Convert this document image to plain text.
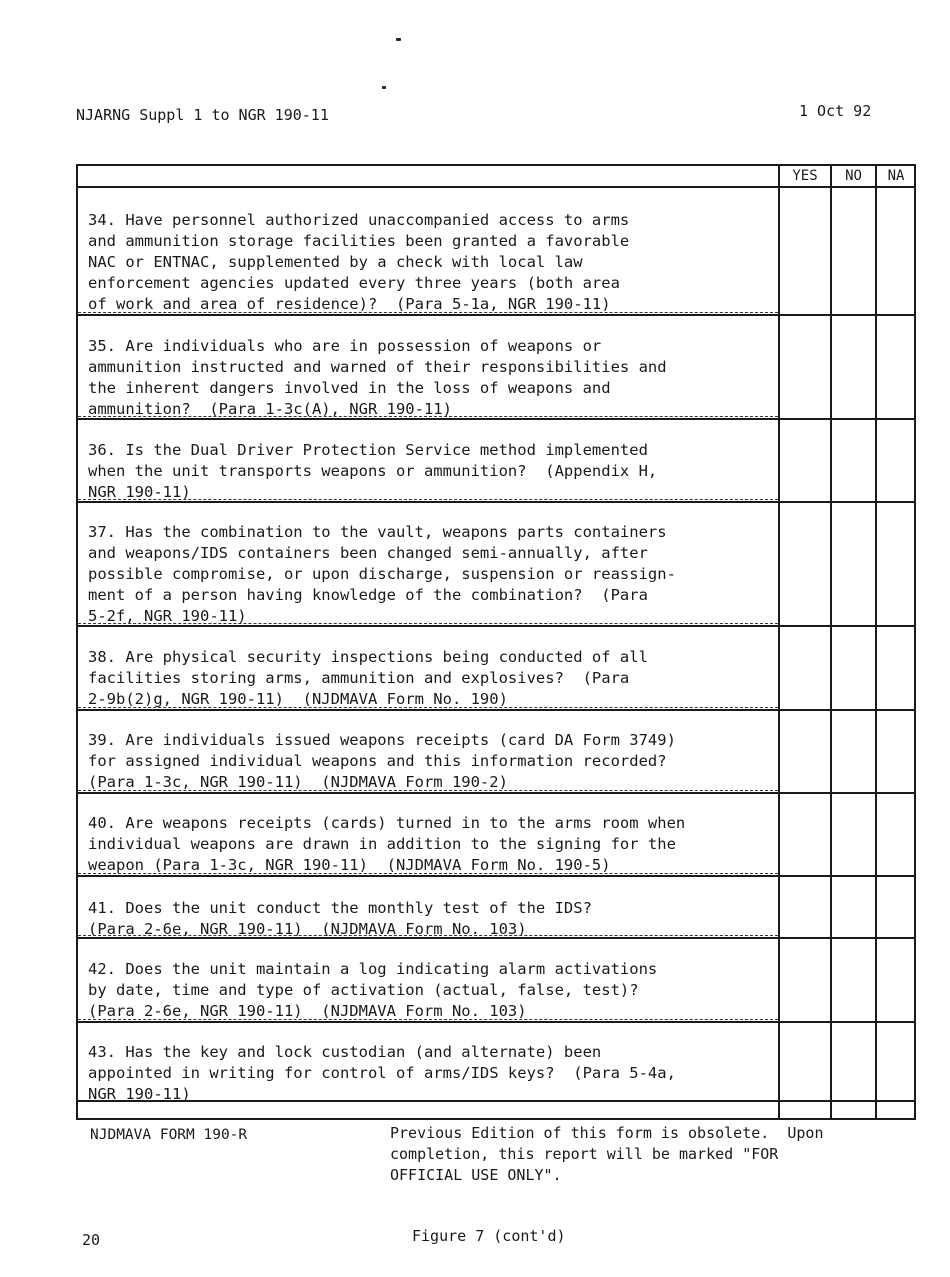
NJARNG Suppl 1 to NGR 190-11	1 Oct 92
YES	NO	NA
34. Have personnel authorized unaccompanied access to arms
and ammunition storage facilities been granted a favorable
NAC or ENTNAC, supplemented by a check with local law
enforcement agencies updated every three years (both area
of work and area of residence)?  (Para 5-1a, NGR 190-11)
35. Are individuals who are in possession of weapons or
ammunition instructed and warned of their responsibilities and
the inherent dangers involved in the loss of weapons and
ammunition?  (Para 1-3c(A), NGR 190-11)
36. Is the Dual Driver Protection Service method implemented
when the unit transports weapons or ammunition?  (Appendix H,
NGR 190-11)
37. Has the combination to the vault, weapons parts containers
and weapons/IDS containers been changed semi-annually, after
possible compromise, or upon discharge, suspension or reassign-
ment of a person having knowledge of the combination?  (Para
5-2f, NGR 190-11)
38. Are physical security inspections being conducted of all
facilities storing arms, ammunition and explosives?  (Para
2-9b(2)g, NGR 190-11)  (NJDMAVA Form No. 190)
39. Are individuals issued weapons receipts (card DA Form 3749)
for assigned individual weapons and this information recorded?
(Para 1-3c, NGR 190-11)  (NJDMAVA Form 190-2)
40. Are weapons receipts (cards) turned in to the arms room when
individual weapons are drawn in addition to the signing for the
weapon (Para 1-3c, NGR 190-11)  (NJDMAVA Form No. 190-5)
41. Does the unit conduct the monthly test of the IDS?
(Para 2-6e, NGR 190-11)  (NJDMAVA Form No. 103)
42. Does the unit maintain a log indicating alarm activations
by date, time and type of activation (actual, false, test)?
(Para 2-6e, NGR 190-11)  (NJDMAVA Form No. 103)
43. Has the key and lock custodian (and alternate) been
appointed in writing for control of arms/IDS keys?  (Para 5-4a,
NGR 190-11)
NJDMAVA FORM 190-R	Previous Edition of this form is obsolete.  Upon
completion, this report will be marked "FOR
OFFICIAL USE ONLY".
20	Figure 7 (cont'd)
